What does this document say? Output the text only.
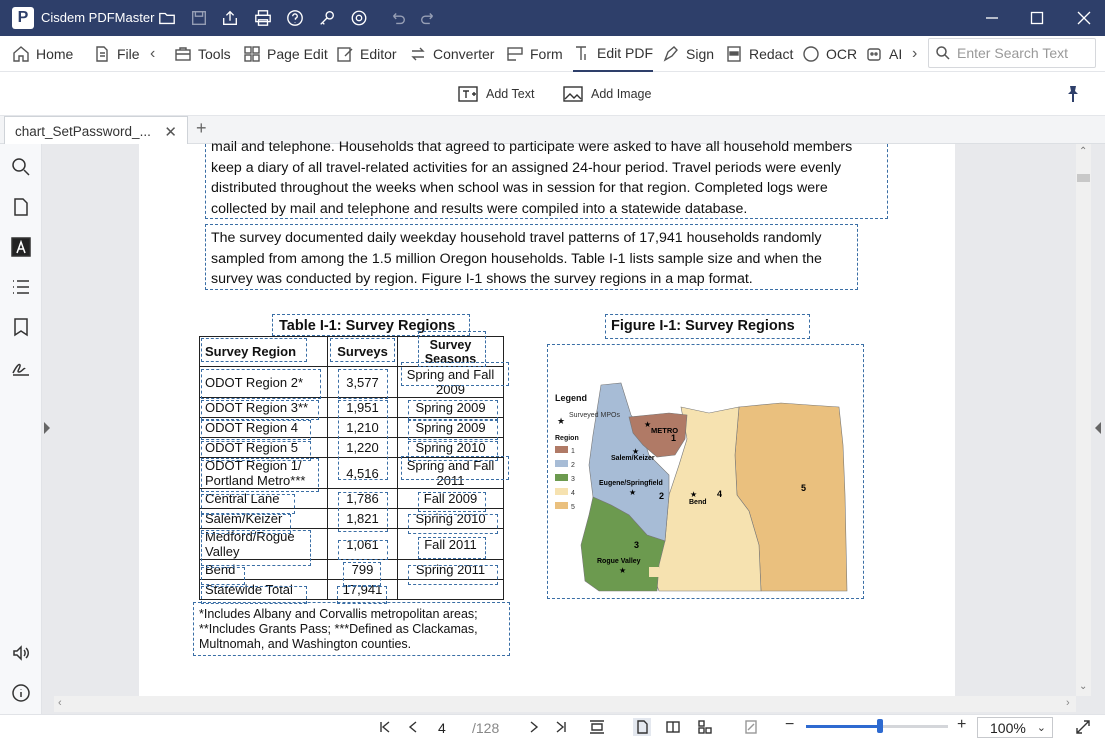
P Cisdem PDFMaster
Home	File ‹	Tools	Page Edit Editor	Converter	Form Edit PDF Sign Redact OCR AI ›
Enter Search Text
Add Text	Add Image
chart_SetPassword_... ✕ +
mail and telephone. Households that agreed to participate were asked to have all household members
keep a diary of all travel-related activities for an assigned 24-hour period. Travel periods were evenly
distributed throughout the weeks when school was in session for that region. Completed logs were
collected by mail and telephone and results were compiled into a statewide database.
The survey documented daily weekday household travel patterns of 17,941 households randomly
sampled from among the 1.5 million Oregon households. Table I-1 lists sample size and when the
survey was conducted by region. Figure I-1 shows the survey regions in a map format.
Table I-1: Survey Regions	Figure I-1: Survey Regions
Survey Region	Surveys	Survey Seasons
ODOT Region 2*	3,577	Spring and Fall 2009
ODOT Region 3**	1,951	Spring 2009
ODOT Region 4	1,210	Spring 2009
ODOT Region 5	1,220	Spring 2010
ODOT Region 1/ Portland Metro***	4,516	Spring and Fall 2011
Central Lane	1,786	Fall 2009
Salem/Keizer	1,821	Spring 2010
Medford/Rogue Valley	1,061	Fall 2011
Bend	799	Spring 2011
Statewide Total	17,941	
*Includes Albany and Corvallis metropolitan areas;
**Includes Grants Pass; ***Defined as Clackamas,
Multnomah, and Washington counties.
Legend
★
Surveyed MPOs
Region
1
2
3
4
5
★
METRO
★
Salem/Keizer
Eugene/Springfield
★	★
Bend
Rogue Valley
★
1
2
3
4
5
⌃
⌄
‹	›
4 /128	−	+	100% ⌄
